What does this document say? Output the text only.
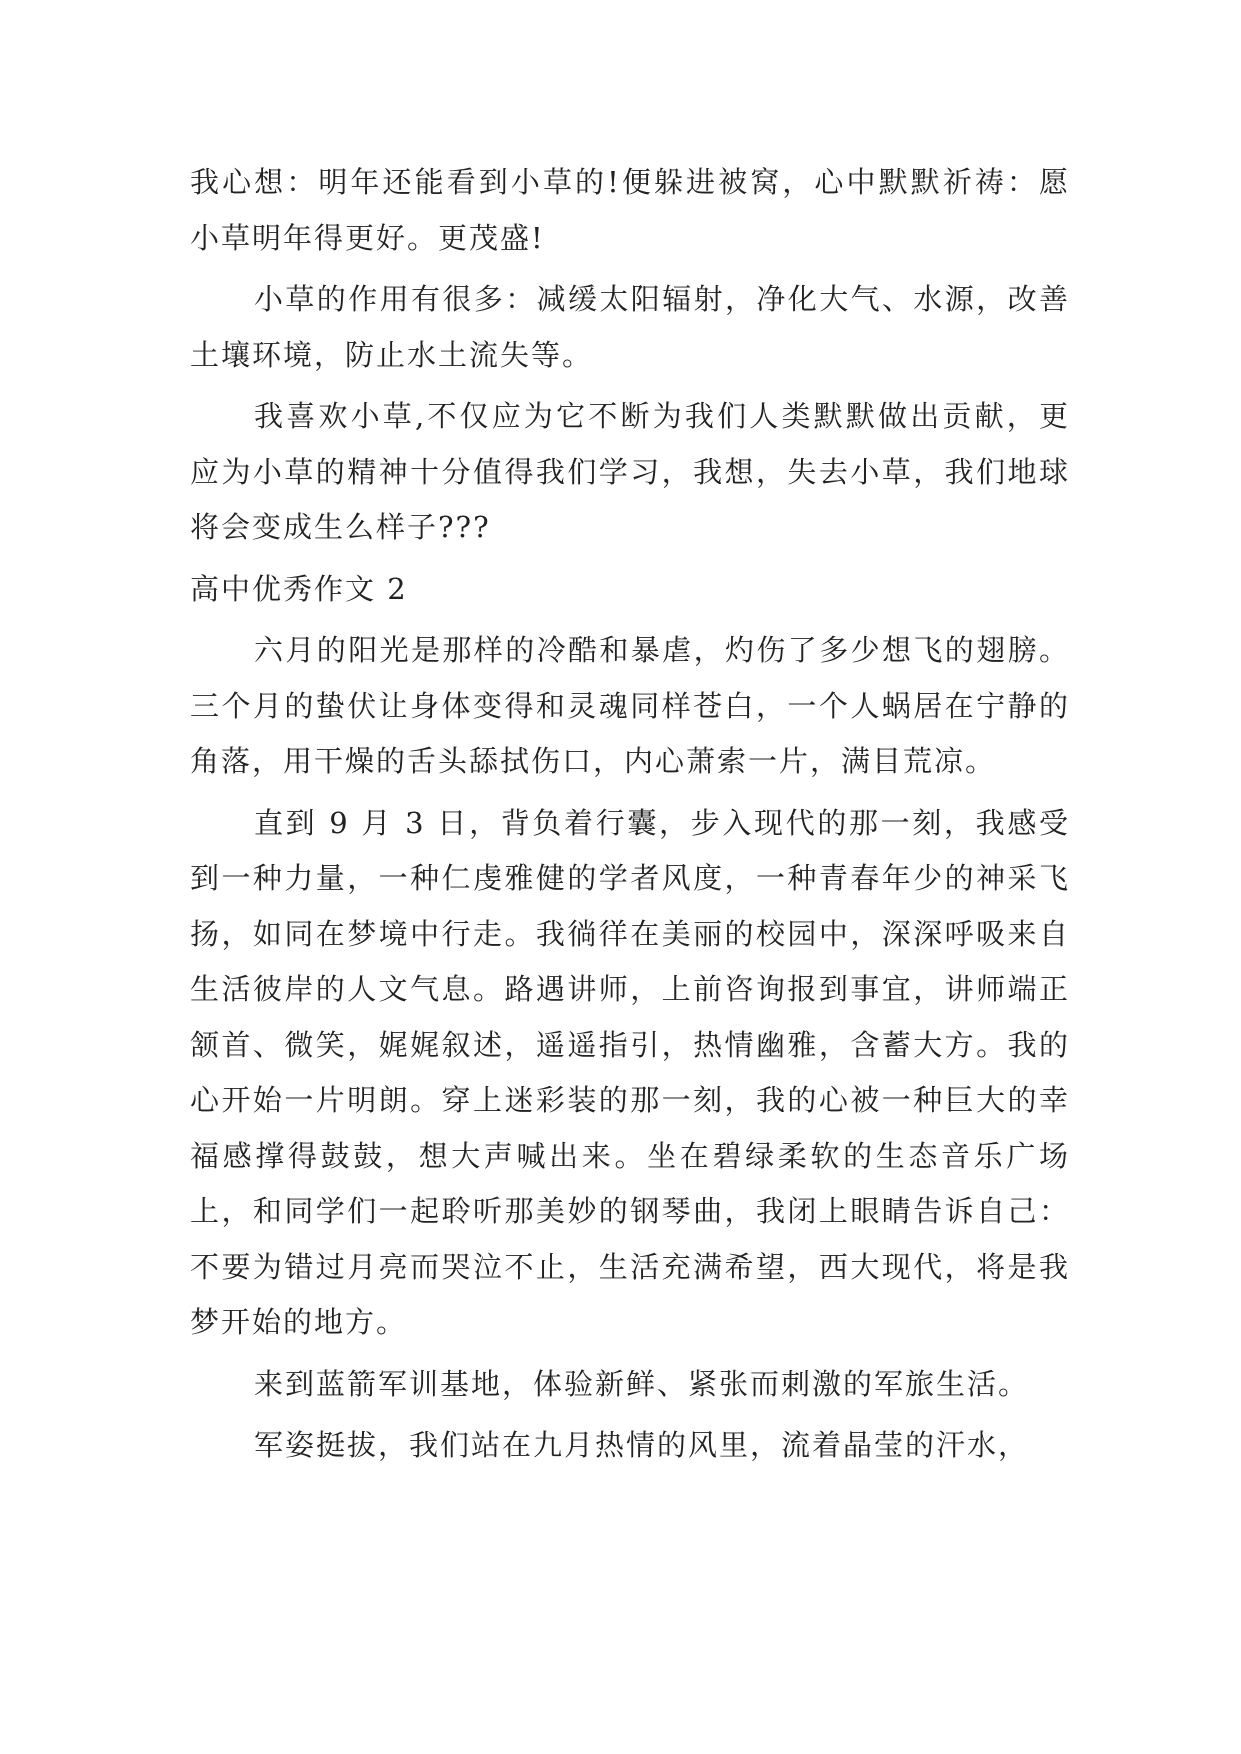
我心想：明年还能看到小草的!便躲进被窝，心中默默祈祷：愿小草明年得更好。更茂盛!

小草的作用有很多：减缓太阳辐射，净化大气、水源，改善土壤环境，防止水土流失等。

我喜欢小草,不仅应为它不断为我们人类默默做出贡献，更应为小草的精神十分值得我们学习，我想，失去小草，我们地球将会变成生么样子???

高中优秀作文 2

六月的阳光是那样的冷酷和暴虐，灼伤了多少想飞的翅膀。三个月的蛰伏让身体变得和灵魂同样苍白，一个人蜗居在宁静的角落，用干燥的舌头舔拭伤口，内心萧索一片，满目荒凉。

直到 9 月 3 日，背负着行囊，步入现代的那一刻，我感受到一种力量，一种仁虔雅健的学者风度，一种青春年少的神采飞扬，如同在梦境中行走。我徜徉在美丽的校园中，深深呼吸来自生活彼岸的人文气息。路遇讲师，上前咨询报到事宜，讲师端正颔首、微笑，娓娓叙述，遥遥指引，热情幽雅，含蓄大方。我的心开始一片明朗。穿上迷彩装的那一刻，我的心被一种巨大的幸福感撑得鼓鼓，想大声喊出来。坐在碧绿柔软的生态音乐广场上，和同学们一起聆听那美妙的钢琴曲，我闭上眼睛告诉自己：不要为错过月亮而哭泣不止，生活充满希望，西大现代，将是我梦开始的地方。

来到蓝箭军训基地，体验新鲜、紧张而刺激的军旅生活。

军姿挺拔，我们站在九月热情的风里，流着晶莹的汗水，
